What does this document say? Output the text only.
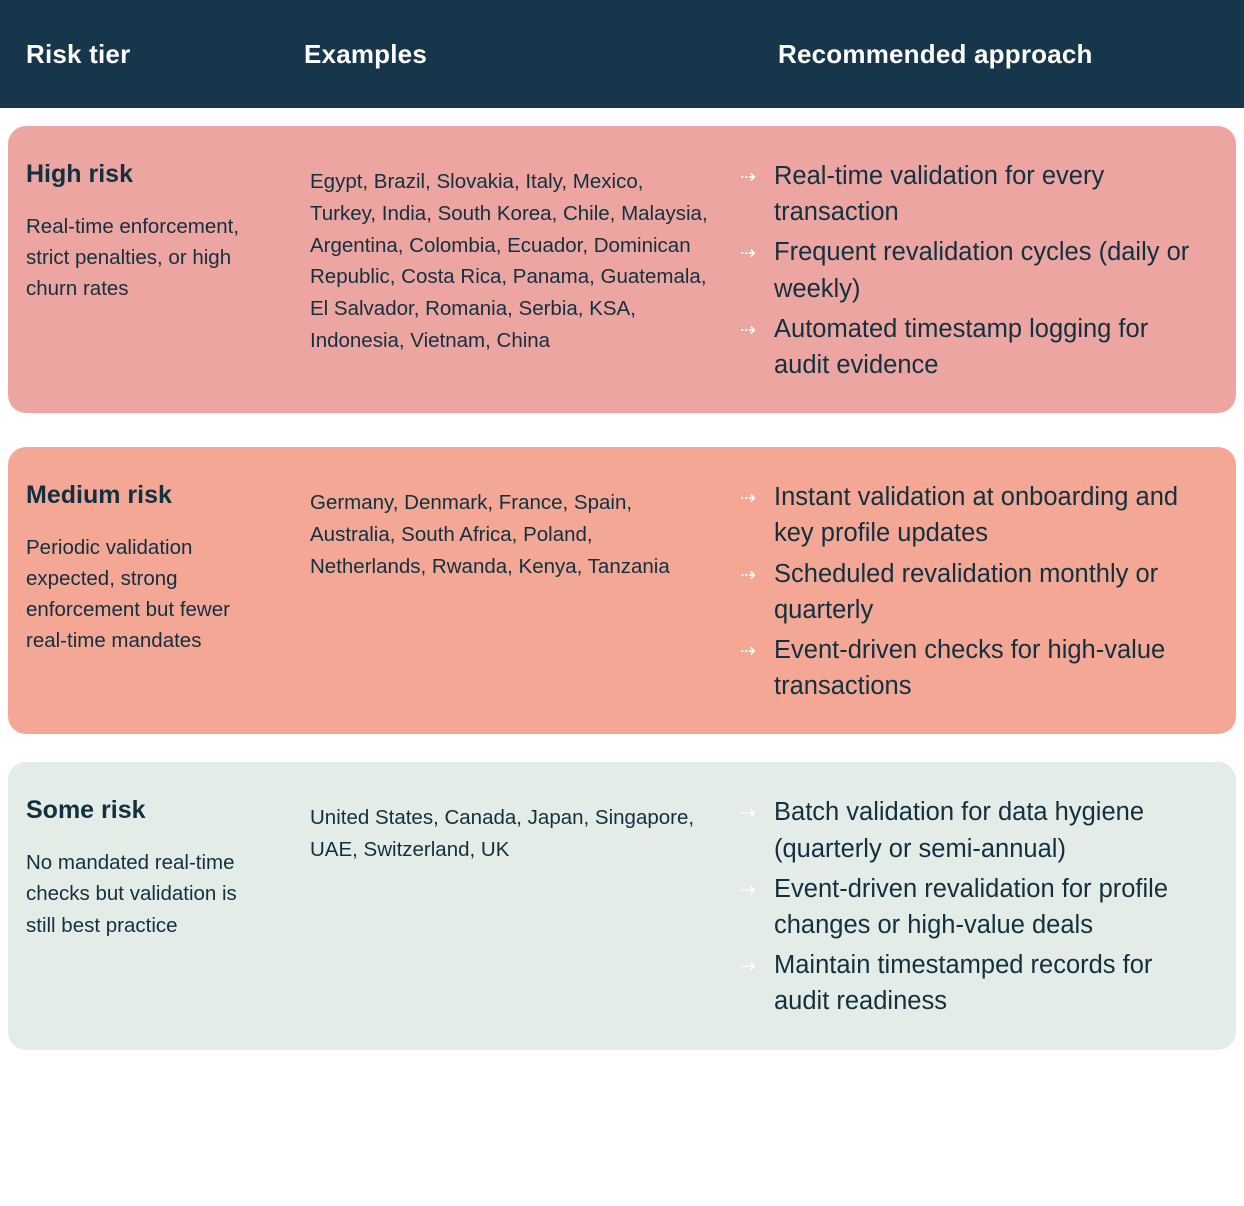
Risk tier	Examples	Recommended approach
High risk
Real-time enforcement, strict penalties, or high churn rates
Egypt, Brazil, Slovakia, Italy, Mexico, Turkey, India, South Korea, Chile, Malaysia, Argentina, Colombia, Ecuador, Dominican Republic, Costa Rica, Panama, Guatemala, El Salvador, Romania, Serbia, KSA, Indonesia, Vietnam, China
⇢ Real-time validation for every transaction
⇢ Frequent revalidation cycles (daily or weekly)
⇢ Automated timestamp logging for audit evidence
Medium risk
Periodic validation expected, strong enforcement but fewer real-time mandates
Germany, Denmark, France, Spain, Australia, South Africa, Poland, Netherlands, Rwanda, Kenya, Tanzania
⇢ Instant validation at onboarding and key profile updates
⇢ Scheduled revalidation monthly or quarterly
⇢ Event-driven checks for high-value transactions
Some risk
No mandated real-time checks but validation is still best practice
United States, Canada, Japan, Singapore, UAE, Switzerland, UK
⇢ Batch validation for data hygiene (quarterly or semi-annual)
⇢ Event-driven revalidation for profile changes or high-value deals
⇢ Maintain timestamped records for audit readiness
